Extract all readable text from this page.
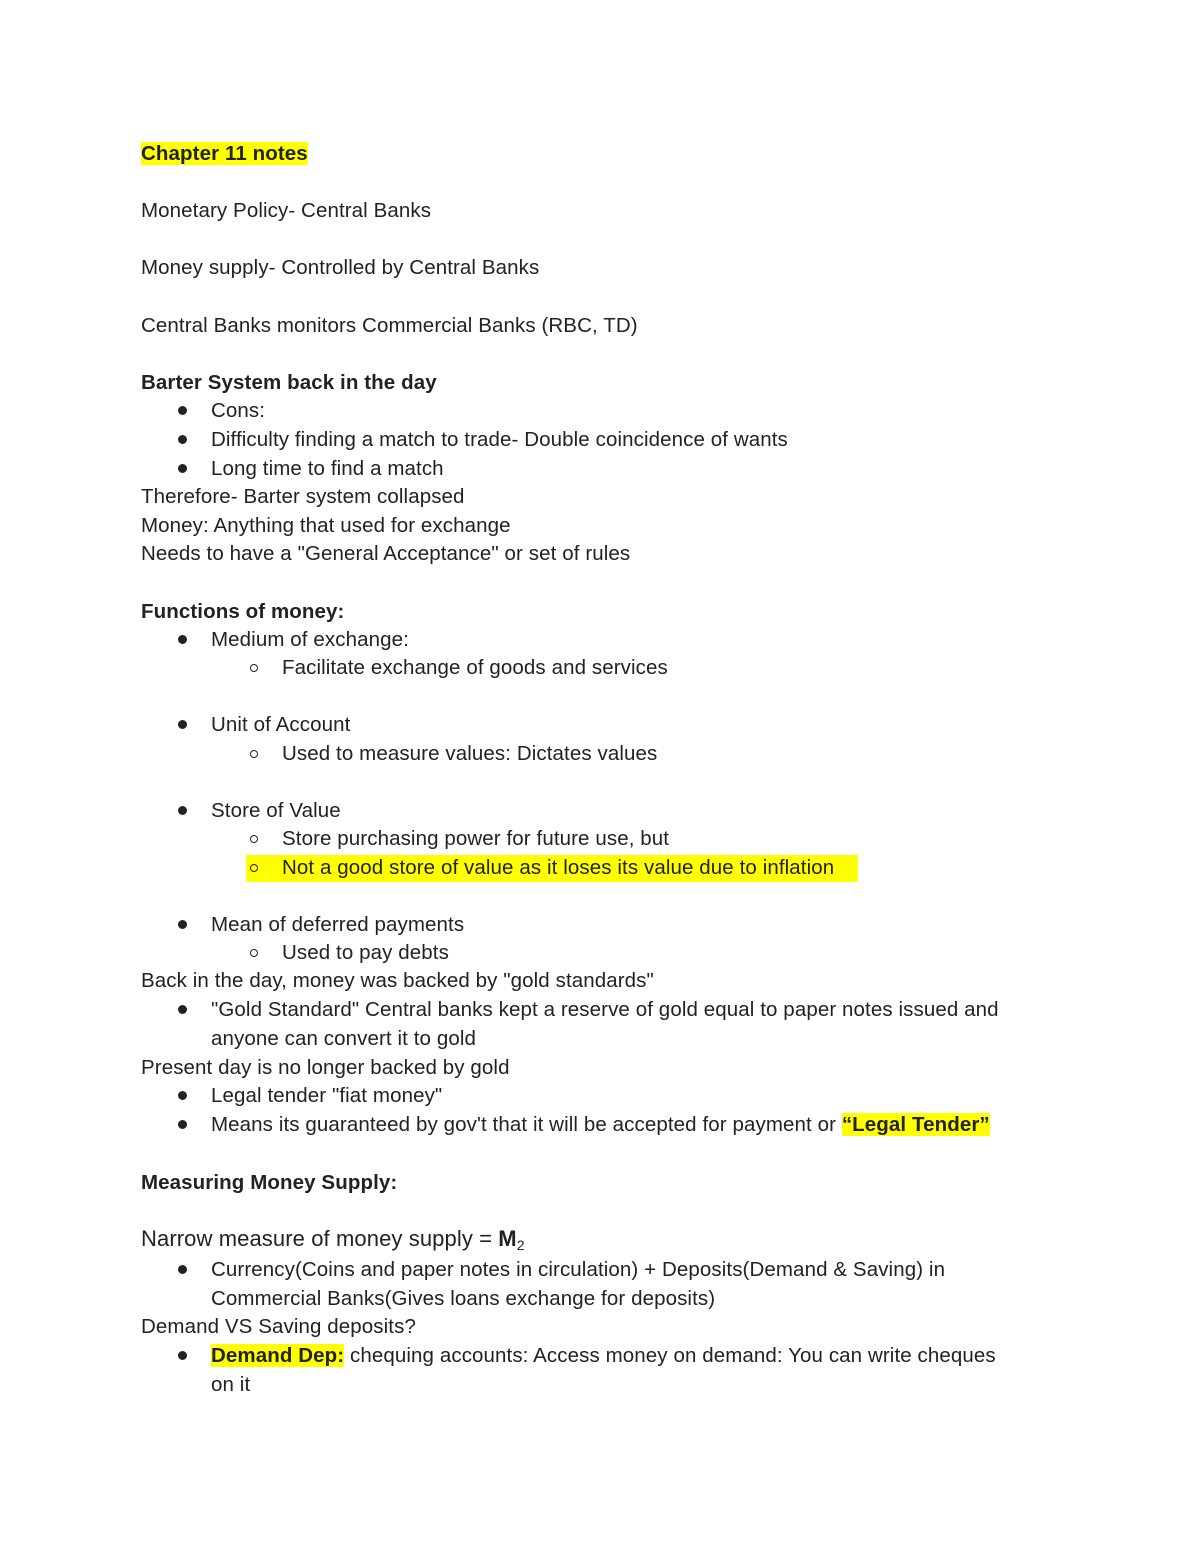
Chapter 11 notes
Monetary Policy- Central Banks
Money supply- Controlled by Central Banks
Central Banks monitors Commercial Banks (RBC, TD)
Barter System back in the day
Cons:
Difficulty finding a match to trade- Double coincidence of wants
Long time to find a match
Therefore- Barter system collapsed
Money: Anything that used for exchange
Needs to have a "General Acceptance" or set of rules
Functions of money:
Medium of exchange:
Facilitate exchange of goods and services
Unit of Account
Used to measure values: Dictates values
Store of Value
Store purchasing power for future use, but
Not a good store of value as it loses its value due to inflation
Mean of deferred payments
Used to pay debts
Back in the day, money was backed by "gold standards"
"Gold Standard" Central banks kept a reserve of gold equal to paper notes issued and
anyone can convert it to gold
Present day is no longer backed by gold
Legal tender "fiat money"
Means its guaranteed by gov't that it will be accepted for payment or “Legal Tender”
Measuring Money Supply:
Narrow measure of money supply = $M_2$
Currency(Coins and paper notes in circulation) + Deposits(Demand & Saving) in
Commercial Banks(Gives loans exchange for deposits)
Demand VS Saving deposits?
Demand Dep: chequing accounts: Access money on demand: You can write cheques
on it
